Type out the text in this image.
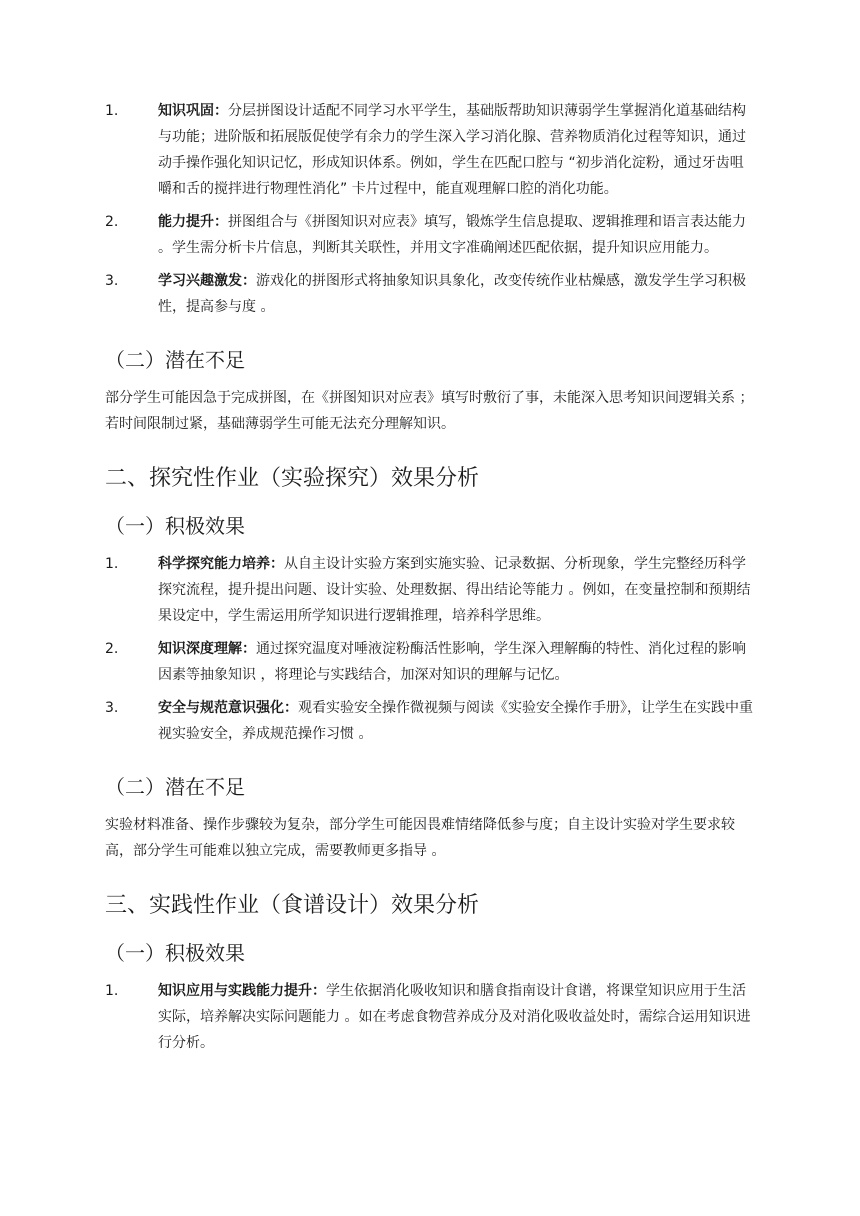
1.	知识巩固：分层拼图设计适配不同学习水平学生，基础版帮助知识薄弱学生掌握消化道基础结构与功能；进阶版和拓展版促使学有余力的学生深入学习消化腺、营养物质消化过程等知识，通过动手操作强化知识记忆，形成知识体系。例如，学生在匹配口腔与 “初步消化淀粉，通过牙齿咀嚼和舌的搅拌进行物理性消化” 卡片过程中，能直观理解口腔的消化功能。
2.	能力提升：拼图组合与《拼图知识对应表》填写，锻炼学生信息提取、逻辑推理和语言表达能力 。学生需分析卡片信息，判断其关联性，并用文字准确阐述匹配依据，提升知识应用能力。
3.	学习兴趣激发：游戏化的拼图形式将抽象知识具象化，改变传统作业枯燥感，激发学生学习积极性，提高参与度 。
（二）潜在不足

部分学生可能因急于完成拼图，在《拼图知识对应表》填写时敷衍了事，未能深入思考知识间逻辑关系 ；若时间限制过紧，基础薄弱学生可能无法充分理解知识。

二、探究性作业（实验探究）效果分析
（一）积极效果
1.	科学探究能力培养：从自主设计实验方案到实施实验、记录数据、分析现象，学生完整经历科学探究流程，提升提出问题、设计实验、处理数据、得出结论等能力 。例如，在变量控制和预期结果设定中，学生需运用所学知识进行逻辑推理，培养科学思维。
2.	知识深度理解：通过探究温度对唾液淀粉酶活性影响，学生深入理解酶的特性、消化过程的影响因素等抽象知识 ，将理论与实践结合，加深对知识的理解与记忆。
3.	安全与规范意识强化：观看实验安全操作微视频与阅读《实验安全操作手册》，让学生在实践中重视实验安全，养成规范操作习惯 。
（二）潜在不足

实验材料准备、操作步骤较为复杂，部分学生可能因畏难情绪降低参与度；自主设计实验对学生要求较高，部分学生可能难以独立完成，需要教师更多指导 。

三、实践性作业（食谱设计）效果分析
（一）积极效果
1.	知识应用与实践能力提升：学生依据消化吸收知识和膳食指南设计食谱，将课堂知识应用于生活实际，培养解决实际问题能力 。如在考虑食物营养成分及对消化吸收益处时，需综合运用知识进行分析。
